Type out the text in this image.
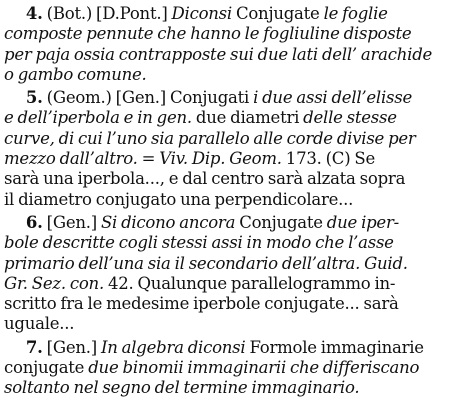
4. (Bot.) [D.Pont.] Diconsi Conjugate le foglie
composte pennute che hanno le fogliuline disposte
per paja ossia contrapposte sui due lati dell’ arachide
o gambo comune.
5. (Geom.) [Gen.] Conjugati i due assi dell’elisse
e dell’iperbola e in gen. due diametri delle stesse
curve, di cui l’uno sia parallelo alle corde divise per
mezzo dall’altro. = Viv. Dip. Geom. 173. (C) Se
sarà una iperbola..., e dal centro sarà alzata sopra
il diametro conjugato una perpendicolare...
6. [Gen.] Si dicono ancora Conjugate due iper-
bole descritte cogli stessi assi in modo che l’asse
primario dell’una sia il secondario dell’altra. Guid.
Gr. Sez. con. 42. Qualunque parallelogrammo in-
scritto fra le medesime iperbole conjugate... sarà
uguale...
7. [Gen.] In algebra diconsi Formole immaginarie
conjugate due binomii immaginarii che differiscano
soltanto nel segno del termine immaginario.
